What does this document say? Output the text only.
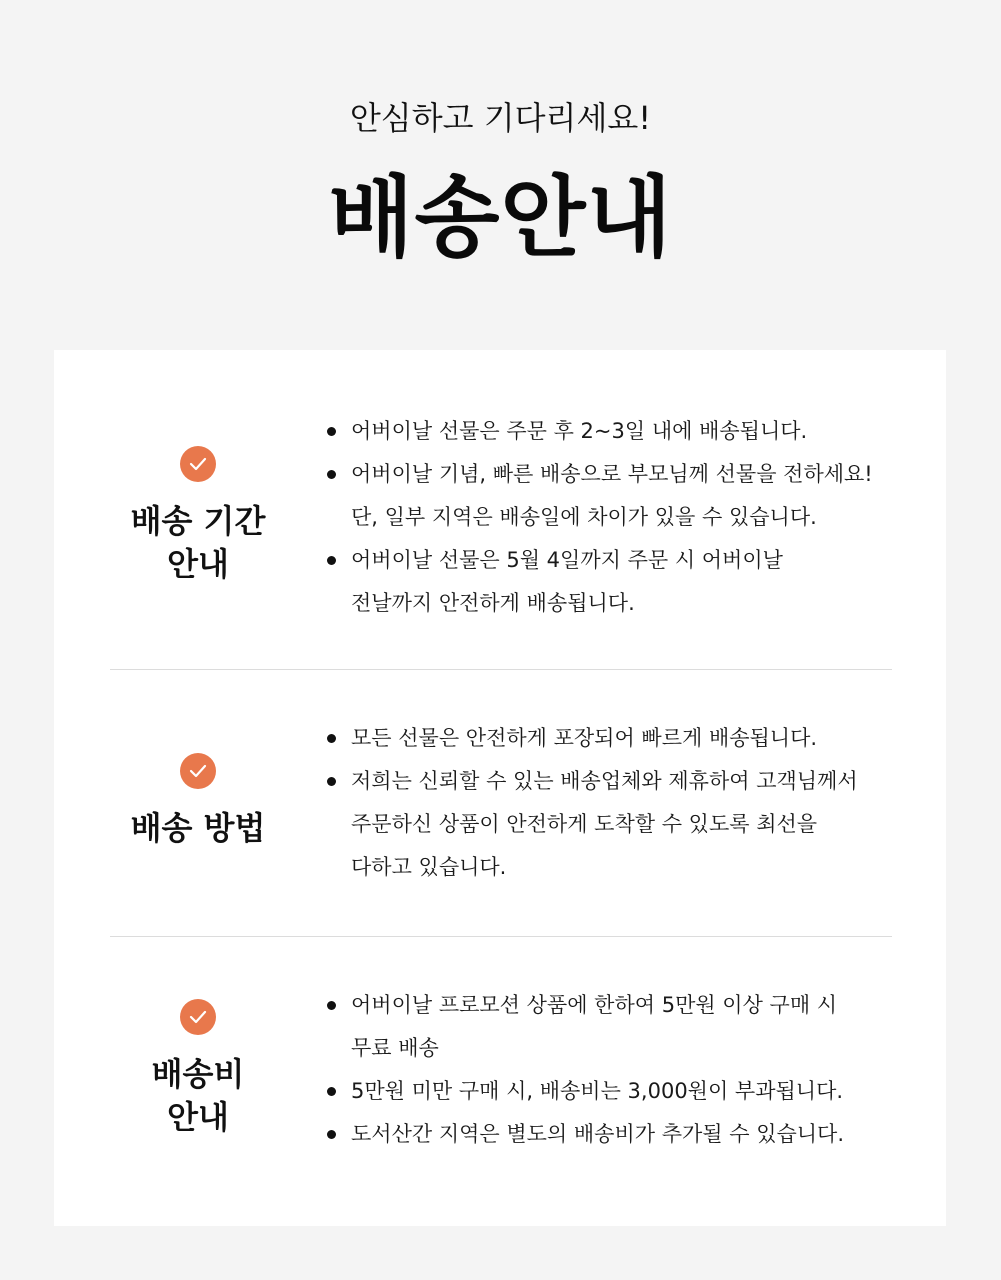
안심하고 기다리세요!
배송안내
배송 기간
안내
어버이날 선물은 주문 후 2~3일 내에 배송됩니다.
어버이날 기념, 빠른 배송으로 부모님께 선물을 전하세요!
단, 일부 지역은 배송일에 차이가 있을 수 있습니다.
어버이날 선물은 5월 4일까지 주문 시 어버이날
전날까지 안전하게 배송됩니다.
배송 방법
모든 선물은 안전하게 포장되어 빠르게 배송됩니다.
저희는 신뢰할 수 있는 배송업체와 제휴하여 고객님께서
주문하신 상품이 안전하게 도착할 수 있도록 최선을
다하고 있습니다.
배송비
안내
어버이날 프로모션 상품에 한하여 5만원 이상 구매 시
무료 배송
5만원 미만 구매 시, 배송비는 3,000원이 부과됩니다.
도서산간 지역은 별도의 배송비가 추가될 수 있습니다.
